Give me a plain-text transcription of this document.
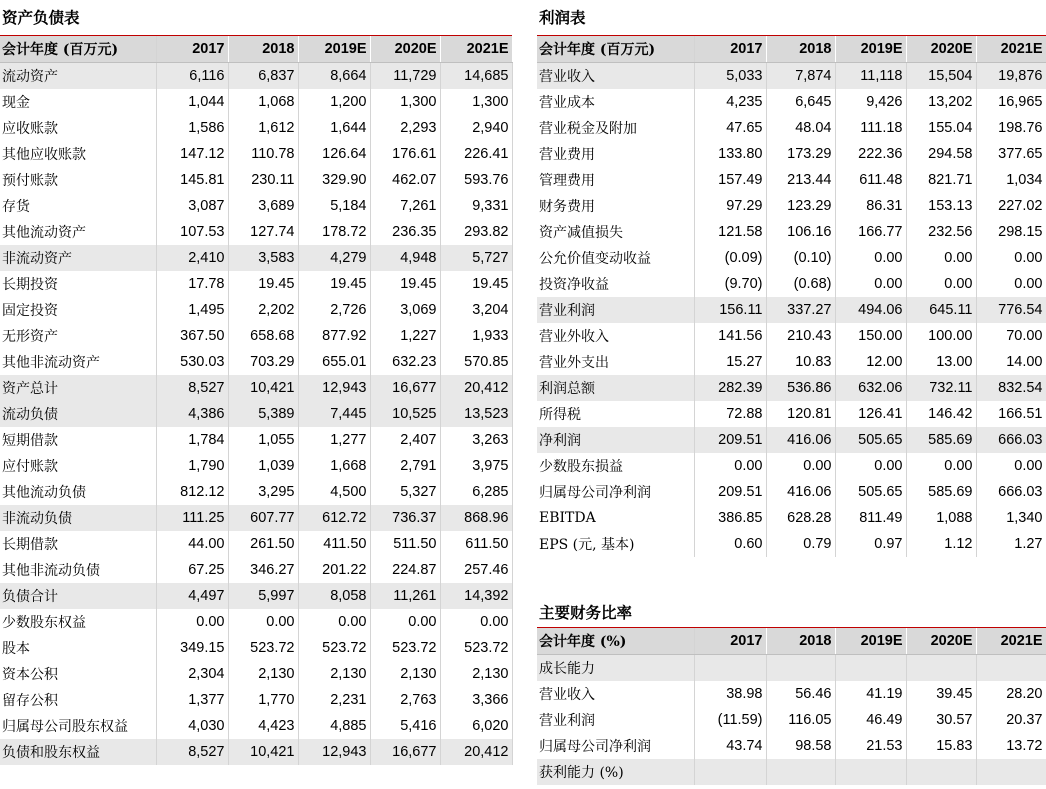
资产负债表
会计年度 (百万元)	2017	2018	2019E	2020E	2021E
流动资产	6,116	6,837	8,664	11,729	14,685
现金	1,044	1,068	1,200	1,300	1,300
应收账款	1,586	1,612	1,644	2,293	2,940
其他应收账款	147.12	110.78	126.64	176.61	226.41
预付账款	145.81	230.11	329.90	462.07	593.76
存货	3,087	3,689	5,184	7,261	9,331
其他流动资产	107.53	127.74	178.72	236.35	293.82
非流动资产	2,410	3,583	4,279	4,948	5,727
长期投资	17.78	19.45	19.45	19.45	19.45
固定投资	1,495	2,202	2,726	3,069	3,204
无形资产	367.50	658.68	877.92	1,227	1,933
其他非流动资产	530.03	703.29	655.01	632.23	570.85
资产总计	8,527	10,421	12,943	16,677	20,412
流动负债	4,386	5,389	7,445	10,525	13,523
短期借款	1,784	1,055	1,277	2,407	3,263
应付账款	1,790	1,039	1,668	2,791	3,975
其他流动负债	812.12	3,295	4,500	5,327	6,285
非流动负债	111.25	607.77	612.72	736.37	868.96
长期借款	44.00	261.50	411.50	511.50	611.50
其他非流动负债	67.25	346.27	201.22	224.87	257.46
负债合计	4,497	5,997	8,058	11,261	14,392
少数股东权益	0.00	0.00	0.00	0.00	0.00
股本	349.15	523.72	523.72	523.72	523.72
资本公积	2,304	2,130	2,130	2,130	2,130
留存公积	1,377	1,770	2,231	2,763	3,366
归属母公司股东权益	4,030	4,423	4,885	5,416	6,020
负债和股东权益	8,527	10,421	12,943	16,677	20,412
利润表
会计年度 (百万元)	2017	2018	2019E	2020E	2021E
营业收入	5,033	7,874	11,118	15,504	19,876
营业成本	4,235	6,645	9,426	13,202	16,965
营业税金及附加	47.65	48.04	111.18	155.04	198.76
营业费用	133.80	173.29	222.36	294.58	377.65
管理费用	157.49	213.44	611.48	821.71	1,034
财务费用	97.29	123.29	86.31	153.13	227.02
资产减值损失	121.58	106.16	166.77	232.56	298.15
公允价值变动收益	(0.09)	(0.10)	0.00	0.00	0.00
投资净收益	(9.70)	(0.68)	0.00	0.00	0.00
营业利润	156.11	337.27	494.06	645.11	776.54
营业外收入	141.56	210.43	150.00	100.00	70.00
营业外支出	15.27	10.83	12.00	13.00	14.00
利润总额	282.39	536.86	632.06	732.11	832.54
所得税	72.88	120.81	126.41	146.42	166.51
净利润	209.51	416.06	505.65	585.69	666.03
少数股东损益	0.00	0.00	0.00	0.00	0.00
归属母公司净利润	209.51	416.06	505.65	585.69	666.03
EBITDA	386.85	628.28	811.49	1,088	1,340
EPS (元, 基本)	0.60	0.79	0.97	1.12	1.27
主要财务比率
会计年度 (%)	2017	2018	2019E	2020E	2021E
成长能力					
营业收入	38.98	56.46	41.19	39.45	28.20
营业利润	(11.59)	116.05	46.49	30.57	20.37
归属母公司净利润	43.74	98.58	21.53	15.83	13.72
获利能力 (%)					
